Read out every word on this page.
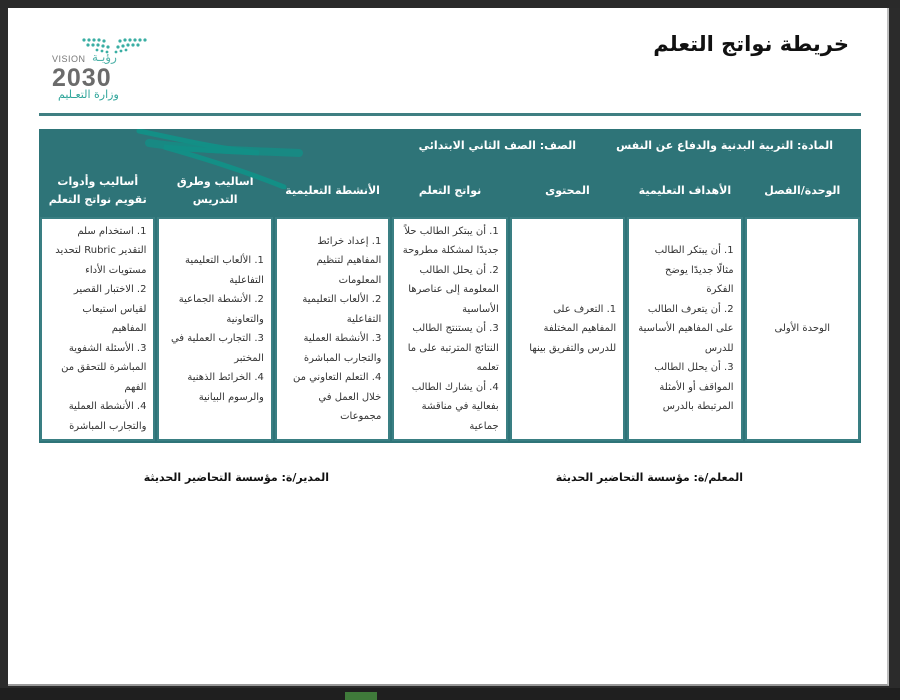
VISION رؤيـة
2030
وزارة التعـليم
خريطة نواتج التعلم
المادة: التربية البدنية والدفاع عن النفس
الصف: الصف الثاني الابتدائي
الوحدة/الفصل
الأهداف التعليمية
المحتوى
نواتج التعلم
الأنشطة التعليمية
أساليب وطرق التدريس
أساليب وأدوات تقويم نواتج التعلم
الوحدة الأولى
1. أن يبتكر الطالب مثالًا جديدًا يوضح الفكرة
2. أن يتعرف الطالب على المفاهيم الأساسية للدرس
3. أن يحلل الطالب المواقف أو الأمثلة المرتبطة بالدرس
1. التعرف على المفاهيم المختلفة للدرس والتفريق بينها
1. أن يبتكر الطالب حلاً جديدًا لمشكلة مطروحة
2. أن يحلل الطالب المعلومة إلى عناصرها الأساسية
3. أن يستنتج الطالب النتائج المترتبة على ما تعلمه
4. أن يشارك الطالب بفعالية في مناقشة جماعية
1. إعداد خرائط المفاهيم لتنظيم المعلومات
2. الألعاب التعليمية التفاعلية
3. الأنشطة العملية والتجارب المباشرة
4. التعلم التعاوني من خلال العمل في مجموعات
1. الألعاب التعليمية التفاعلية
2. الأنشطة الجماعية والتعاونية
3. التجارب العملية في المختبر
4. الخرائط الذهنية والرسوم البيانية
1. استخدام سلم التقدير Rubric لتحديد مستويات الأداء
2. الاختبار القصير لقياس استيعاب المفاهيم
3. الأسئلة الشفوية المباشرة للتحقق من الفهم
4. الأنشطة العملية والتجارب المباشرة
المعلم/ة: مؤسسة التحاضير الحديثة
المدير/ة: مؤسسة التحاضير الحديثة
